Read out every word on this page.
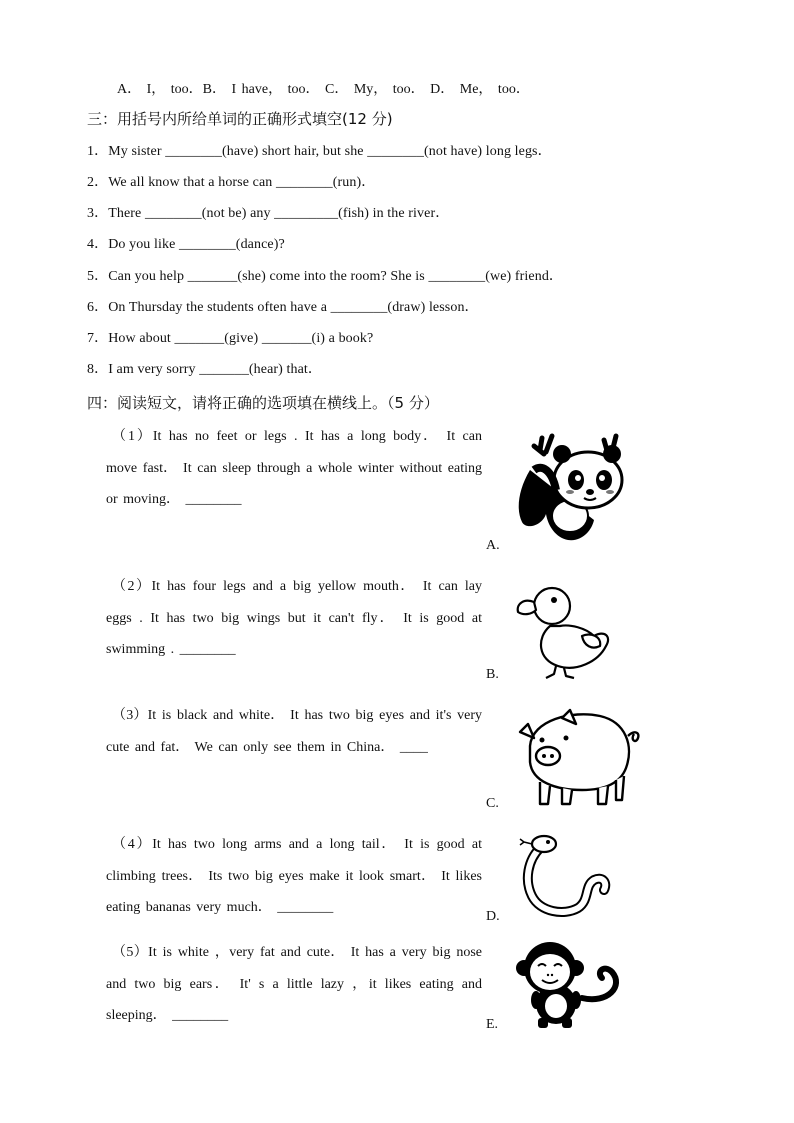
A． I， too．B． I have， too． C． My， too． D． Me， too．
三：用括号内所给单词的正确形式填空(12 分)
1．My sister ________(have) short hair, but she ________(not have) long legs．
2．We all know that a horse can ________(run)．
3．There ________(not be) any _________(fish) in the river．
4．Do you like ________(dance)?
5．Can you help _______(she) come into the room? She is ________(we) friend．
6．On Thursday the students often have a ________(draw) lesson．
7．How about _______(give) _______(i) a book?
8．I am very sorry _______(hear) that．
四：阅读短文，请将正确的选项填在横线上。（5 分）

（1）It has no feet or legs . It has a long body． It can move fast． It can sleep through a whole winter without eating or moving． ________

A.

（2）It has four legs and a big yellow mouth． It can lay eggs . It has two big wings but it can't fly． It is good at swimming . ________

B.

（3）It is black and white． It has two big eyes and it's very cute and fat． We can only see them in China． ____

C.

（4）It has two long arms and a long tail． It is good at climbing trees． Its two big eyes make it look smart． It likes eating bananas very much． ________

D.

（5）It is white ，very fat and cute． It has a very big nose and two big ears． It' s a little lazy ，it likes eating and sleeping． ________

E.
